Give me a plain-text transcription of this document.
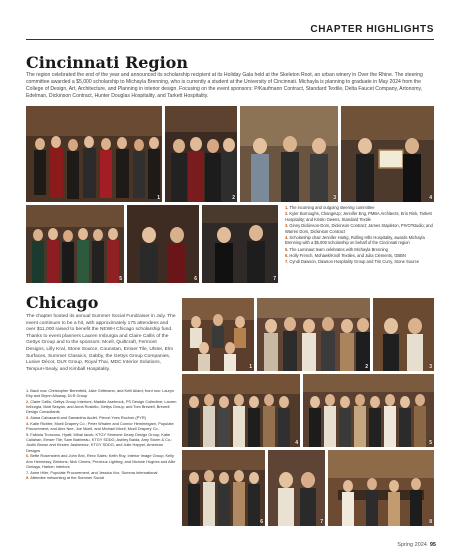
CHAPTER HIGHLIGHTS
Cincinnati Region
The region celebrated the end of the year and announced its scholarship recipient at its Holiday Gala held at the Skeleton Root, an urban winery in Over the Rhine. The steering committee awarded a $5,000 scholarship to Michayla Brenning, who is currently a student at the University of Cincinnati. Michayla is planning to graduate in May 2024 from the College of Design, Art, Architecture, and Planning in interior design. Focusing on the event sponsors: P/Kaufmann Contract, Standard Textile, Delta Faucet Company, Artonomy, Edelman, Dickinson Contract, Hunter Douglas Hospitality, and Tarkett Hospitality.
1	2	3	4
5	6	7
1.The incoming and outgoing steering committee
2.Kyler Burroughs, ChangeUp; Jennifer Eng, PMBA Architects; Erin Rink, Tarkett Hospitality; and Kristin Owens, Standard Textile
3.Ginny Dickinson-Dorn, Dickinson Contract; James Stapleton, PIVOTstudio; and Warren Dorn, Dickinson Contract
4.Scholarship chair Jennifer Hartig, Rolling Hills Hospitality, awards Michayla Brenning with a $5,000 scholarship on behalf of the Cincinnati region
5.The Luminaut team celebrates with Michayla Brenning
6.Holly French, Mohawk/Knoll Textiles, and Julia Clements, GBBN
7.Cyndi Dawson, Dawson Hospitality Group and Tim Curry, Stone Source
Chicago
The chapter hosted its annual Summer Social Fundraiser in July. The event continues to be a hit, with approximately 175 attendees and over $11,000 raised to benefit the NEWH Chicago scholarship fund. Thanks to event planners Lauren Imburgia and Claire Callis of the Gettys Group and to the sponsors: Mcell, Quiltcraft, Fermont Designs, Lilly Kral, Stone Source, Counstan, Emser Tile, Ulster, Elm Surfaces, Summer Classics, Gabby, the Gettys Group Companies, Lusive Décor, DLR Group, Royal Thai, MDC Interior Solutions, Tempur+Sealy, and Kimball Hospitality.
1.Back row: Christopher Berenfeld, Jake Grittmann, and Kelli Allard; front row: Lauryn Eby and Brynn Alloway, DLR Group
2.Claire Callis, Gettys Group Interiors; Maddie Asebrook, PS Design Collective; Lauren Imburgia, Matt Sesyan, and Anna Rosiello, Gettys Group; and Tom Brewell, Brewell Design Consultants
3.Alana Calvacanti and Samantha Audet, Pierce-Yves Rochon (PYR)
4.Katie Richter, Mcell Drapery Co.; Peter Whalen and Connor Hemmelgarn, Populate Procurement; and Alex Nee, Joe Mcell, and Michael Mcell, Mcell Drapery Co.
5.Fabiola Troncoso, Hyatt; Mihai Iacob, KTGY Simeone Deary Design Group; Katie Callahan, Emser Tile; Sam Babineau, KTGY SDDG; Ashley Balda, Amy Storm & Co.; Justin Brown and Kirsten Jaskiewicz, KTGY SDDG; and Julie Happel, Americon Designs
6.Bette Rosenstein and John Brix, Rexx Sales; Keith Roy, Interior Image Group; Kelly Ann Hennessy, Brintons; Nick Cimms, Precious Lighting; and Nichole Hughes and Allie Orelaga, Harken Interiors
7.Anne Hiler, Populate Procurement, and Jessica Vox, Summa International
8.Attendee networking at the Summer Social
1	2	3
4	5
6	7	8
Spring 2024 95
